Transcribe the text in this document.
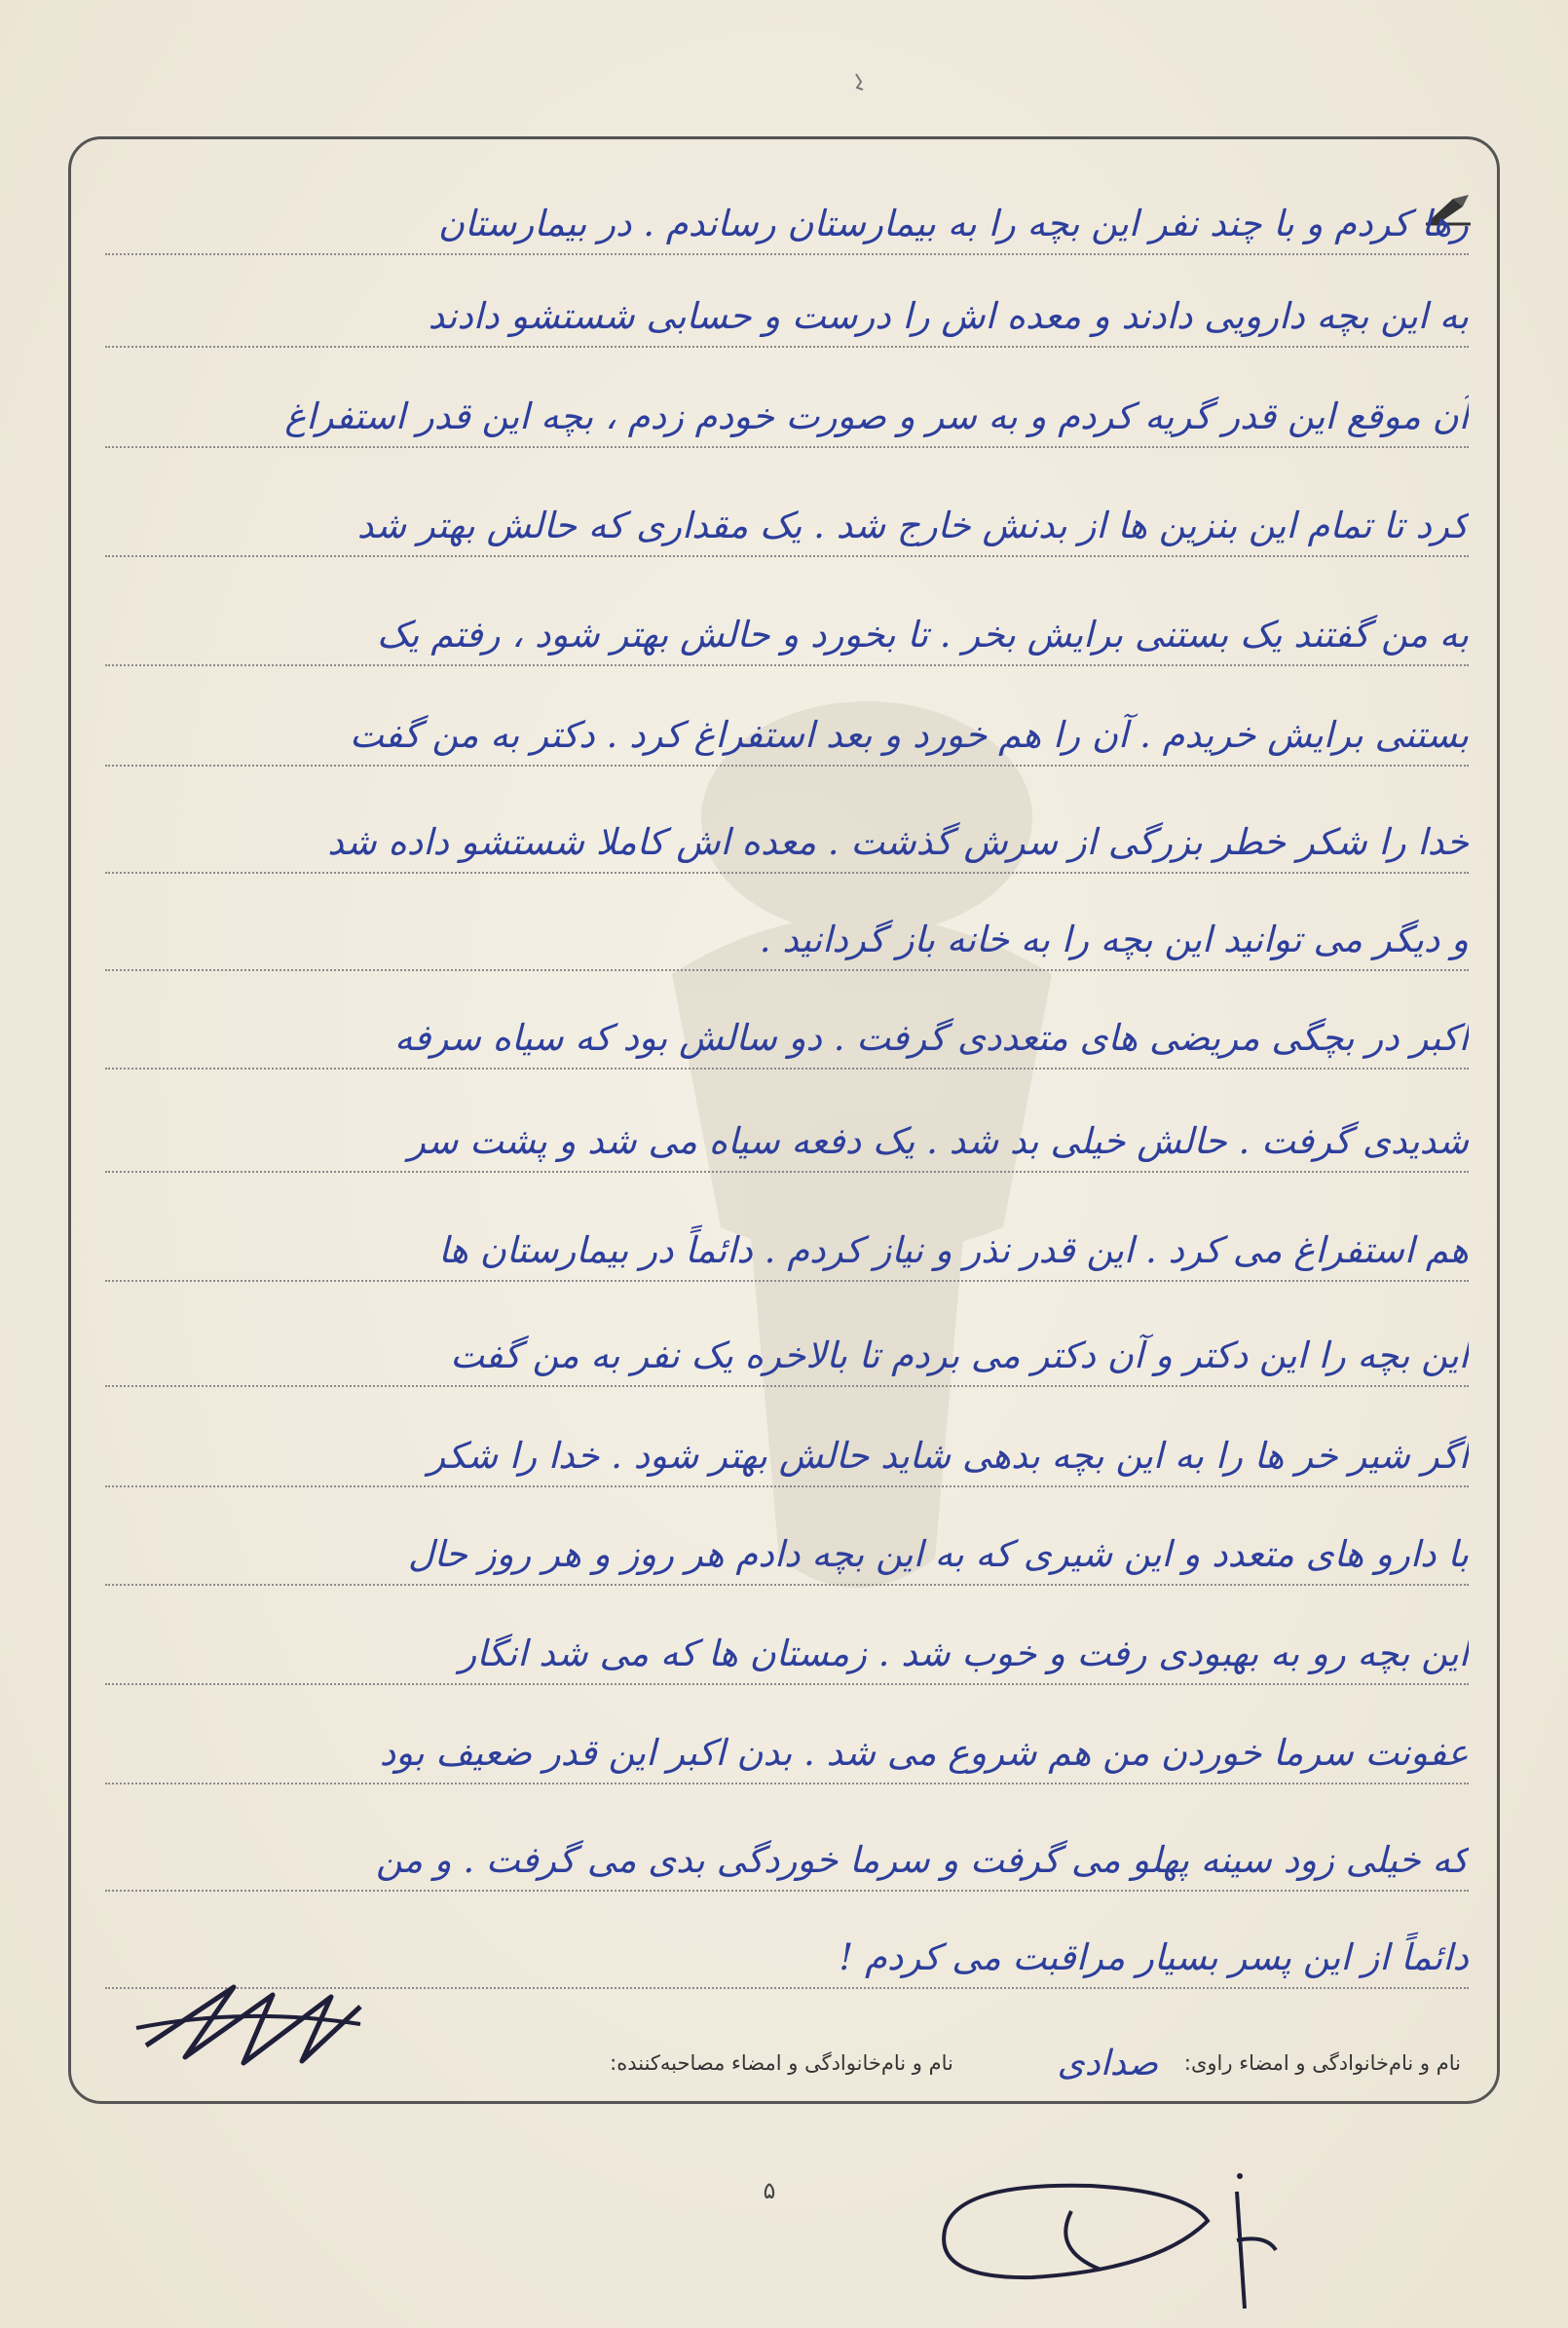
رها کردم و با چند نفر این بچه را به بیمارستان رساندم . در بیمارستان
به این بچه دارویی دادند و معده اش را درست و حسابی شستشو دادند
آن موقع این قدر گریه کردم و به سر و صورت خودم زدم ، بچه این قدر استفراغ
کرد تا تمام این بنزین ها از بدنش خارج شد . یک مقداری که حالش بهتر شد
به من گفتند یک بستنی برایش بخر . تا بخورد و حالش بهتر شود ، رفتم یک
بستنی برایش خریدم . آن را هم خورد و بعد استفراغ کرد . دکتر به من گفت
خدا را شکر خطر بزرگی از سرش گذشت . معده اش کاملا شستشو داده شد
و دیگر می توانید این بچه را به خانه باز گردانید .
اکبر در بچگی مریضی های متعددی گرفت . دو سالش بود که سیاه سرفه
شدیدی گرفت . حالش خیلی بد شد . یک دفعه سیاه می شد و پشت سر
هم استفراغ می کرد . این قدر نذر و نیاز کردم . دائماً در بیمارستان ها
این بچه را این دکتر و آن دکتر می بردم تا بالاخره یک نفر به من گفت
اگر شیر خر ها را به این بچه بدهی شاید حالش بهتر شود . خدا را شکر
با دارو های متعدد و این شیری که به این بچه دادم هر روز و هر روز حال
این بچه رو به بهبودی رفت و خوب شد . زمستان ها که می شد انگار
عفونت سرما خوردن من هم شروع می شد . بدن اکبر این قدر ضعیف بود
که خیلی زود سینه پهلو می گرفت و سرما خوردگی بدی می گرفت . و من
دائماً از این پسر بسیار مراقبت می کردم !
نام و نام‌خانوادگی و امضاء راوی: صدادی نام و نام‌خانوادگی و امضاء مصاحبه‌کننده:
۵
